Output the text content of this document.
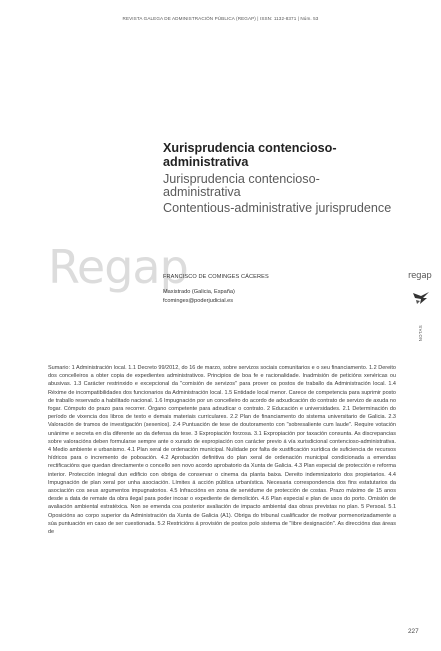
REVISTA GALEGA DE ADMINISTRACIÓN PÚBLICA (REGAP) | ISSN: 1132-8371 | Núm. 53
Xurisprudencia contencioso-administrativa
Jurisprudencia contencioso-administrativa
Contentious-administrative jurisprudence
Regap
FRANCISCO DE COMINGES CÁCERES
Maxistrado (Galicia, España)
fcominges@poderjudicial.es
regap
NOTAS

Sumario: 1 Administración local. 1.1 Decreto 99/2012, do 16 de marzo, sobre servizos sociais comunitarios e o seu financiamento. 1.2 Dereito dos concelleiros a obter copia de expedientes administrativos. Principios de boa fe e racionalidade. Inadmisión de peticións xenéricas ou abusivas. 1.3 Carácter restrinxido e excepcional da "comisión de servizos" para prover os postos de traballo da Administración local. 1.4 Réxime de incompatibilidades dos funcionarios da Administración local. 1.5 Entidade local menor. Carece de competencia para suprimir posto de traballo reservado a habilitado nacional. 1.6 Impugnación por un concelleiro do acordo de adxudicación do contrato de servizo de axuda no fogar. Cómputo do prazo para recorrer. Órgano competente para adxudicar o contrato. 2 Educación e universidades. 2.1 Determinación do período de vixencia dos libros de texto e demais materiais curriculares. 2.2 Plan de financiamento do sistema universitario de Galicia. 2.3 Valoración de tramos de investigación (sexenios). 2.4 Puntuación de tese de doutoramento con "sobresaliente cum laude". Require votación unánime e secreta en día diferente ao da defensa da tese. 3 Expropiación forzosa. 3.1 Expropiación por taxación conxunta. As discrepancias sobre valoracións deben formularse sempre ante o xurado de expropiación con carácter previo á vía xurisdicional contencioso-administrativa. 4 Medio ambiente e urbanismo. 4.1 Plan xeral de ordenación municipal. Nulidade por falta de xustificación xurídica de suficiencia de recursos hídricos para o incremento de poboación. 4.2 Aprobación definitiva do plan xeral de ordenación municipal condicionada a emendas rectificacións que quedan directamente o concello sen novo acordo aprobatorio da Xunta de Galicia. 4.3 Plan especial de protección e reforma interior. Protección integral dun edificio con obriga de conservar o cinema da planta baixa. Dereito indemnizatorio dos propietarios. 4.4 Impugnación de plan xeral por unha asociación. Límites á acción pública urbanística. Necesaria correspondencia dos fins estatutarios da asociación cos seus argumentos impugnatorios. 4.5 Infraccións en zona de servidume de protección de costas. Prazo máximo de 15 anos desde a data de remate da obra ilegal para poder incoar o expediente de demolición. 4.6 Plan especial e plan de usos do porto. Omisión de avaliación ambiental estratéxica. Non se emenda coa posterior avaliación de impacto ambiental das obras previstas no plan. 5 Persoal. 5.1 Oposicións ao corpo superior da Administración da Xunta de Galicia (A1). Obriga do tribunal cualificador de motivar pormenorizadamente a súa puntuación en caso de ser cuestionada. 5.2 Restricións á provisión de postos polo sistema de "libre designación". As direccións das áreas de

227
